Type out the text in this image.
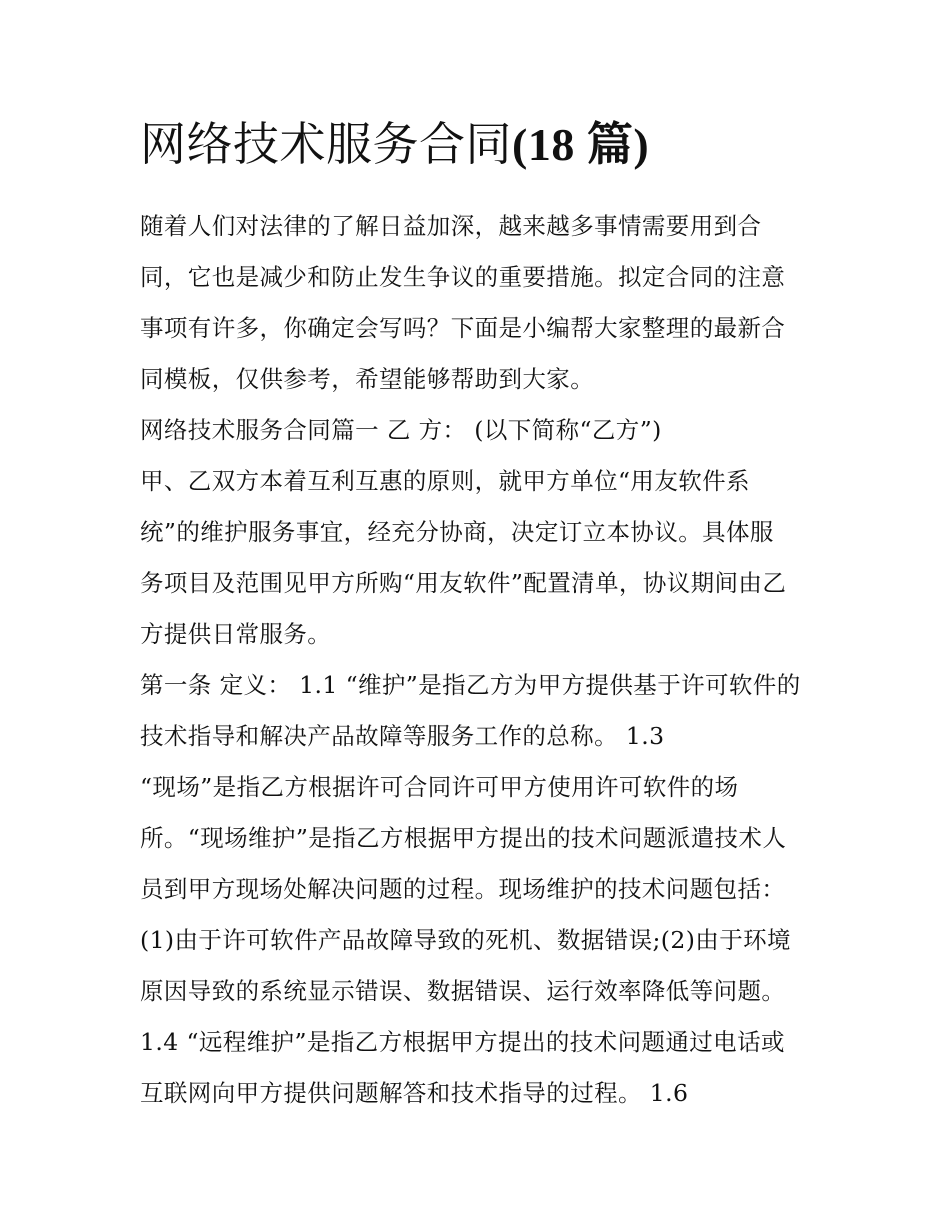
网络技术服务合同(18 篇)
随着人们对法律的了解日益加深，越来越多事情需要用到合
同，它也是减少和防止发生争议的重要措施。拟定合同的注意
事项有许多，你确定会写吗？下面是小编帮大家整理的最新合
同模板，仅供参考，希望能够帮助到大家。
网络技术服务合同篇一 乙 方： (以下简称“乙方”)
甲、乙双方本着互利互惠的原则，就甲方单位“用友软件系
统”的维护服务事宜，经充分协商，决定订立本协议。具体服
务项目及范围见甲方所购“用友软件”配置清单，协议期间由乙
方提供日常服务。
第一条 定义： 1.1 “维护”是指乙方为甲方提供基于许可软件的
技术指导和解决产品故障等服务工作的总称。 1.3
“现场”是指乙方根据许可合同许可甲方使用许可软件的场
所。“现场维护”是指乙方根据甲方提出的技术问题派遣技术人
员到甲方现场处解决问题的过程。现场维护的技术问题包括：
(1)由于许可软件产品故障导致的死机、数据错误;(2)由于环境
原因导致的系统显示错误、数据错误、运行效率降低等问题。
1.4 “远程维护”是指乙方根据甲方提出的技术问题通过电话或
互联网向甲方提供问题解答和技术指导的过程。 1.6
